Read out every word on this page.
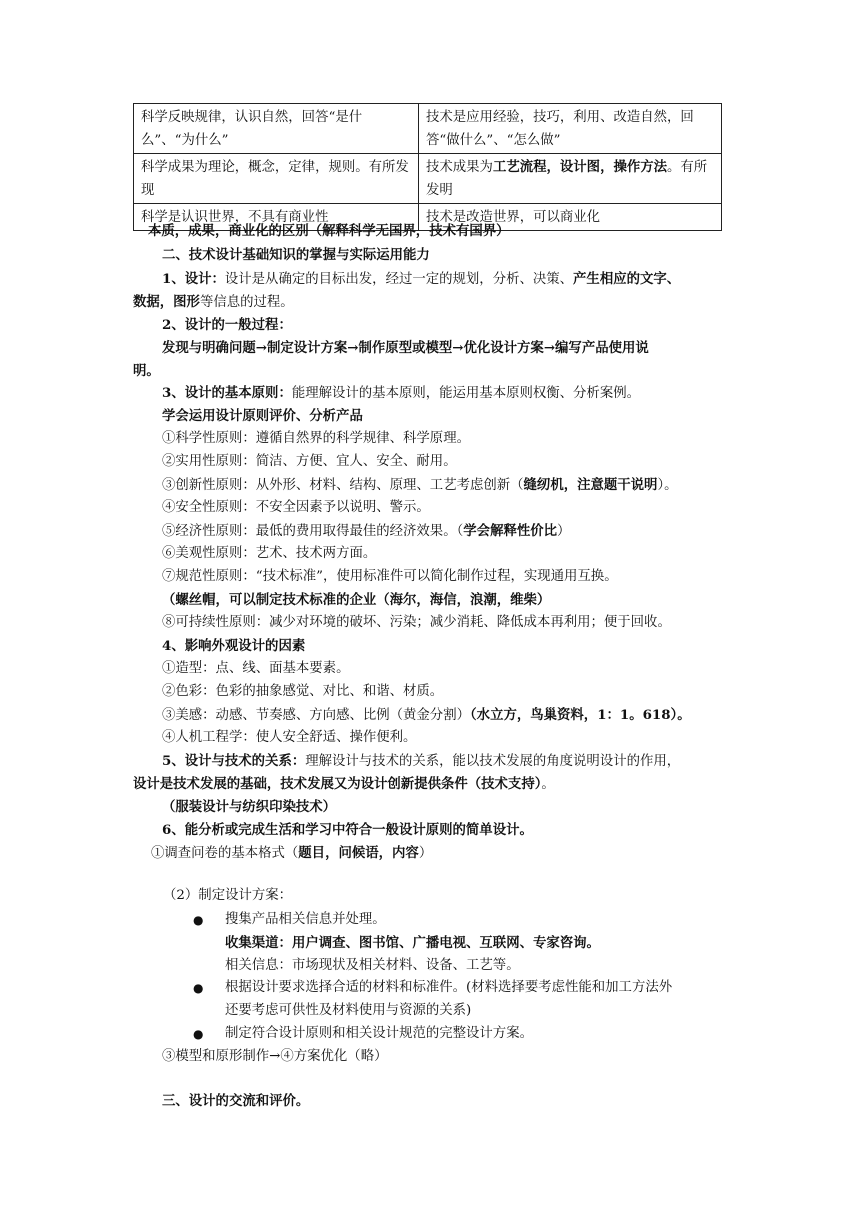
科学反映规律，认识自然，回答“是什么”、“为什么”	技术是应用经验，技巧，利用、改造自然，回答“做什么”、“怎么做”
科学成果为理论，概念，定律，规则。有所发现	技术成果为工艺流程，设计图，操作方法。有所发明
科学是认识世界，不具有商业性	技术是改造世界，可以商业化
本质，成果，商业化的区别（解释科学无国界，技术有国界）
二、技术设计基础知识的掌握与实际运用能力
1、设计：设计是从确定的目标出发，经过一定的规划，分析、决策、产生相应的文字、
数据，图形等信息的过程。
2、设计的一般过程：
发现与明确问题→制定设计方案→制作原型或模型→优化设计方案→编写产品使用说
明。
3、设计的基本原则：能理解设计的基本原则，能运用基本原则权衡、分析案例。
学会运用设计原则评价、分析产品
①科学性原则：遵循自然界的科学规律、科学原理。
②实用性原则：简洁、方便、宜人、安全、耐用。
③创新性原则：从外形、材料、结构、原理、工艺考虑创新（缝纫机，注意题干说明）。
④安全性原则：不安全因素予以说明、警示。
⑤经济性原则：最低的费用取得最佳的经济效果。（学会解释性价比）
⑥美观性原则：艺术、技术两方面。
⑦规范性原则：“技术标准”，使用标准件可以简化制作过程，实现通用互换。
（螺丝帽，可以制定技术标准的企业（海尔，海信，浪潮，维柴）
⑧可持续性原则：减少对环境的破坏、污染；减少消耗、降低成本再利用；便于回收。
4、影响外观设计的因素
①造型：点、线、面基本要素。
②色彩：色彩的抽象感觉、对比、和谐、材质。
③美感：动感、节奏感、方向感、比例（黄金分割）（水立方，鸟巢资料，1：1。618）。
④人机工程学：使人安全舒适、操作便利。
5、设计与技术的关系：理解设计与技术的关系，能以技术发展的角度说明设计的作用，
设计是技术发展的基础，技术发展又为设计创新提供条件（技术支持）。
（服装设计与纺织印染技术）
6、能分析或完成生活和学习中符合一般设计原则的简单设计。
①调查问卷的基本格式（题目，问候语，内容）
（2）制定设计方案：
● 搜集产品相关信息并处理。
收集渠道：用户调查、图书馆、广播电视、互联网、专家咨询。
相关信息：市场现状及相关材料、设备、工艺等。
● 根据设计要求选择合适的材料和标准件。(材料选择要考虑性能和加工方法外
还要考虑可供性及材料使用与资源的关系)
● 制定符合设计原则和相关设计规范的完整设计方案。
③模型和原形制作→④方案优化（略）
三、设计的交流和评价。
